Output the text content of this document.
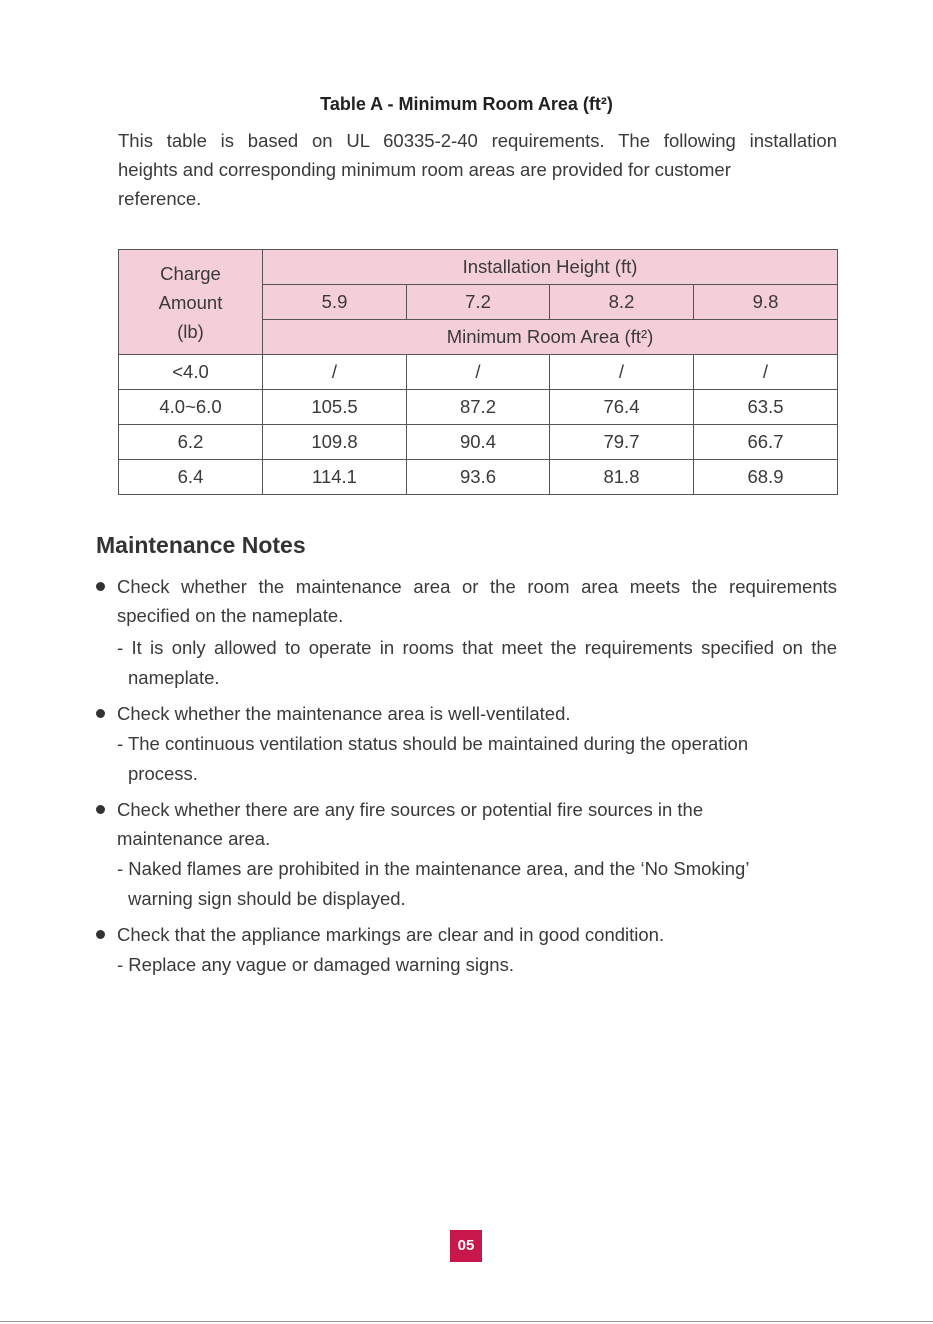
Table A - Minimum Room Area (ft²)
This table is based on UL 60335-2-40 requirements. The following installation
heights and corresponding minimum room areas are provided for customer
reference.
Charge
Amount
(lb)	Installation Height (ft)			
	5.9	7.2	8.2	9.8
	Minimum Room Area (ft²)			
<4.0	/	/	/	/
4.0~6.0	105.5	87.2	76.4	63.5
6.2	109.8	90.4	79.7	66.7
6.4	114.1	93.6	81.8	68.9
Maintenance Notes
Check whether the maintenance area or the room area meets the requirements
specified on the nameplate.
- It is only allowed to operate in rooms that meet the requirements specified on the
nameplate.
Check whether the maintenance area is well-ventilated.
- The continuous ventilation status should be maintained during the operation
process.
Check whether there are any fire sources or potential fire sources in the
maintenance area.
- Naked flames are prohibited in the maintenance area, and the ‘No Smoking’
warning sign should be displayed.
Check that the appliance markings are clear and in good condition.
- Replace any vague or damaged warning signs.
05
